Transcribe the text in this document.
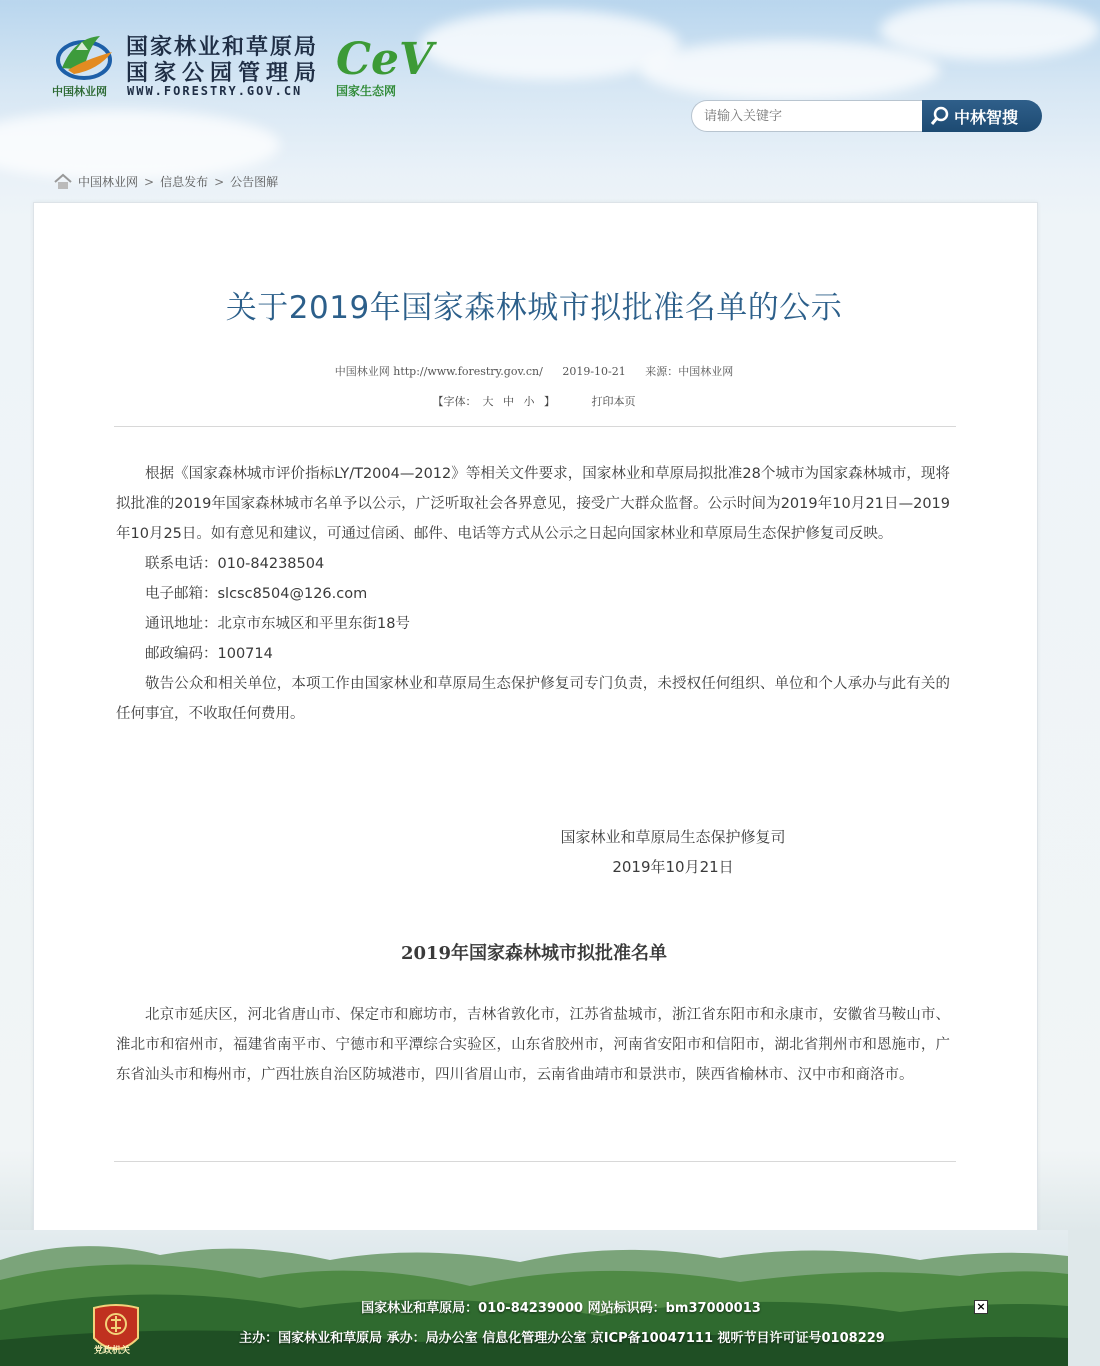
中国林业网
国家林业和草原局
国家公园管理局
WWW.FORESTRY.GOV.CN
CeV
国家生态网
请输入关键字
中林智搜
中国林业网 > 信息发布 > 公告图解
关于2019年国家森林城市拟批准名单的公示
中国林业网 http://www.forestry.gov.cn/ 2019-10-21 来源：中国林业网
【字体： 大 中 小 】	打印本页

根据《国家森林城市评价指标LY/T2004—2012》等相关文件要求，国家林业和草原局拟批准28个城市为国家森林城市，现将拟批准的2019年国家森林城市名单予以公示，广泛听取社会各界意见，接受广大群众监督。公示时间为2019年10月21日—2019年10月25日。如有意见和建议，可通过信函、邮件、电话等方式从公示之日起向国家林业和草原局生态保护修复司反映。

联系电话：010-84238504

电子邮箱：slcsc8504@126.com

通讯地址：北京市东城区和平里东街18号

邮政编码：100714

敬告公众和相关单位，本项工作由国家林业和草原局生态保护修复司专门负责，未授权任何组织、单位和个人承办与此有关的任何事宜，不收取任何费用。

国家林业和草原局生态保护修复司
2019年10月21日
2019年国家森林城市拟批准名单

北京市延庆区，河北省唐山市、保定市和廊坊市，吉林省敦化市，江苏省盐城市，浙江省东阳市和永康市，安徽省马鞍山市、淮北市和宿州市，福建省南平市、宁德市和平潭综合实验区，山东省胶州市，河南省安阳市和信阳市，湖北省荆州市和恩施市，广东省汕头市和梅州市，广西壮族自治区防城港市，四川省眉山市，云南省曲靖市和景洪市，陕西省榆林市、汉中市和商洛市。

党政机关
国家林业和草原局：010-84239000 网站标识码：bm37000013
主办：国家林业和草原局 承办：局办公室 信息化管理办公室 京ICP备10047111 视听节目许可证号0108229
×
